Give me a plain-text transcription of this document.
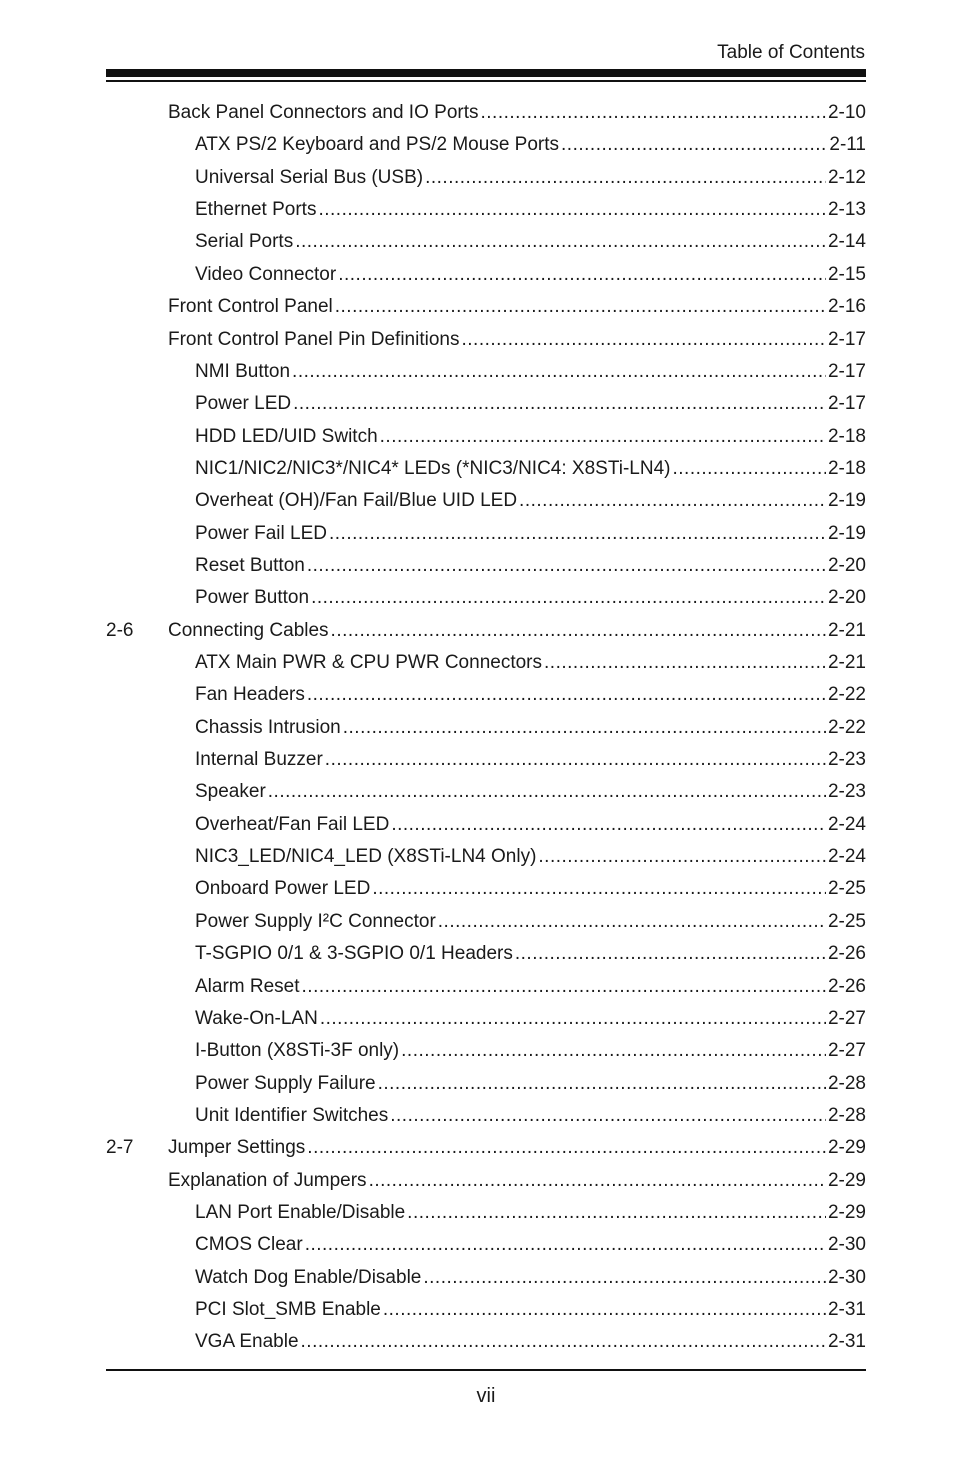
Table of Contents
Back Panel Connectors and IO Ports .....	2-10
ATX PS/2 Keyboard and PS/2 Mouse Ports .....	2-11
Universal Serial Bus (USB) .....	2-12
Ethernet Ports .....	2-13
Serial Ports .....	2-14
Video Connector .....	2-15
Front Control Panel .....	2-16
Front Control Panel Pin Definitions .....	2-17
NMI Button .....	2-17
Power LED .....	2-17
HDD LED/UID Switch .....	2-18
NIC1/NIC2/NIC3*/NIC4* LEDs (*NIC3/NIC4: X8STi-LN4) .....	2-18
Overheat (OH)/Fan Fail/Blue UID LED .....	2-19
Power Fail LED .....	2-19
Reset Button .....	2-20
Power Button .....	2-20
2-6 Connecting Cables .....	2-21
ATX Main PWR & CPU PWR Connectors .....	2-21
Fan Headers .....	2-22
Chassis Intrusion .....	2-22
Internal Buzzer .....	2-23
Speaker .....	2-23
Overheat/Fan Fail LED .....	2-24
NIC3_LED/NIC4_LED (X8STi-LN4 Only) .....	2-24
Onboard Power LED .....	2-25
Power Supply I²C Connector .....	2-25
T-SGPIO 0/1 & 3-SGPIO 0/1 Headers .....	2-26
Alarm Reset .....	2-26
Wake-On-LAN .....	2-27
I-Button (X8STi-3F only) .....	2-27
Power Supply Failure .....	2-28
Unit Identifier Switches .....	2-28
2-7 Jumper Settings .....	2-29
Explanation of Jumpers .....	2-29
LAN Port Enable/Disable .....	2-29
CMOS Clear .....	2-30
Watch Dog Enable/Disable .....	2-30
PCI Slot_SMB Enable .....	2-31
VGA Enable .....	2-31
vii
